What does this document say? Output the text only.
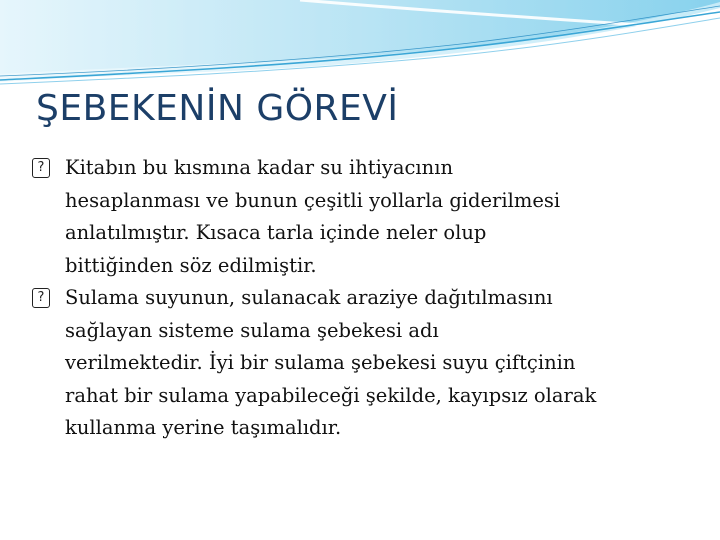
ŞEBEKENİN GÖREVİ
? Kitabın bu kısmına kadar su ihtiyacının
hesaplanması ve bunun çeşitli yollarla giderilmesi
anlatılmıştır. Kısaca tarla içinde neler olup
bittiğinden söz edilmiştir.
? Sulama suyunun, sulanacak araziye dağıtılmasını
sağlayan sisteme sulama şebekesi adı
verilmektedir. İyi bir sulama şebekesi suyu çiftçinin
rahat bir sulama yapabileceği şekilde, kayıpsız olarak
kullanma yerine taşımalıdır.
